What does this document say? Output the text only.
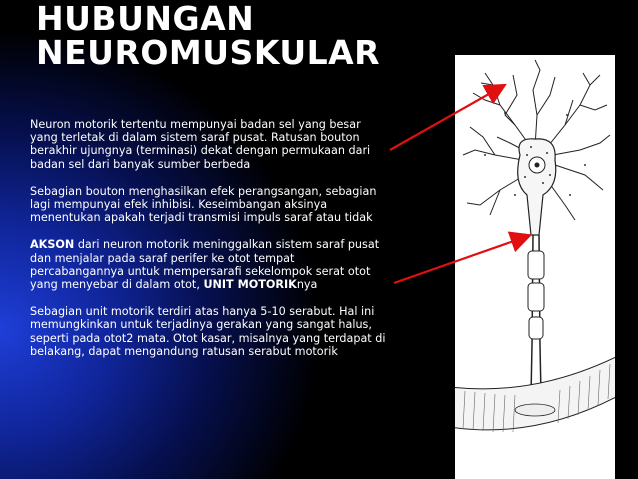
HUBUNGAN
NEUROMUSKULAR

Neuron motorik tertentu mempunyai badan sel yang besar yang terletak di dalam sistem saraf pusat. Ratusan bouton berakhir ujungnya (terminasi) dekat dengan permukaan dari badan sel dari banyak sumber berbeda

Sebagian bouton menghasilkan efek perangsangan, sebagian lagi mempunyai efek inhibisi. Keseimbangan aksinya menentukan apakah terjadi transmisi impuls saraf atau tidak

AKSON dari neuron motorik meninggalkan sistem saraf pusat dan menjalar pada saraf perifer ke otot tempat percabangannya untuk mempersarafi sekelompok serat otot yang menyebar di dalam otot, UNIT MOTORIKnya

Sebagian unit motorik terdiri atas hanya 5-10 serabut. Hal ini memungkinkan untuk terjadinya gerakan yang sangat halus, seperti pada otot2 mata. Otot kasar, misalnya yang terdapat di belakang, dapat mengandung ratusan serabut motorik
